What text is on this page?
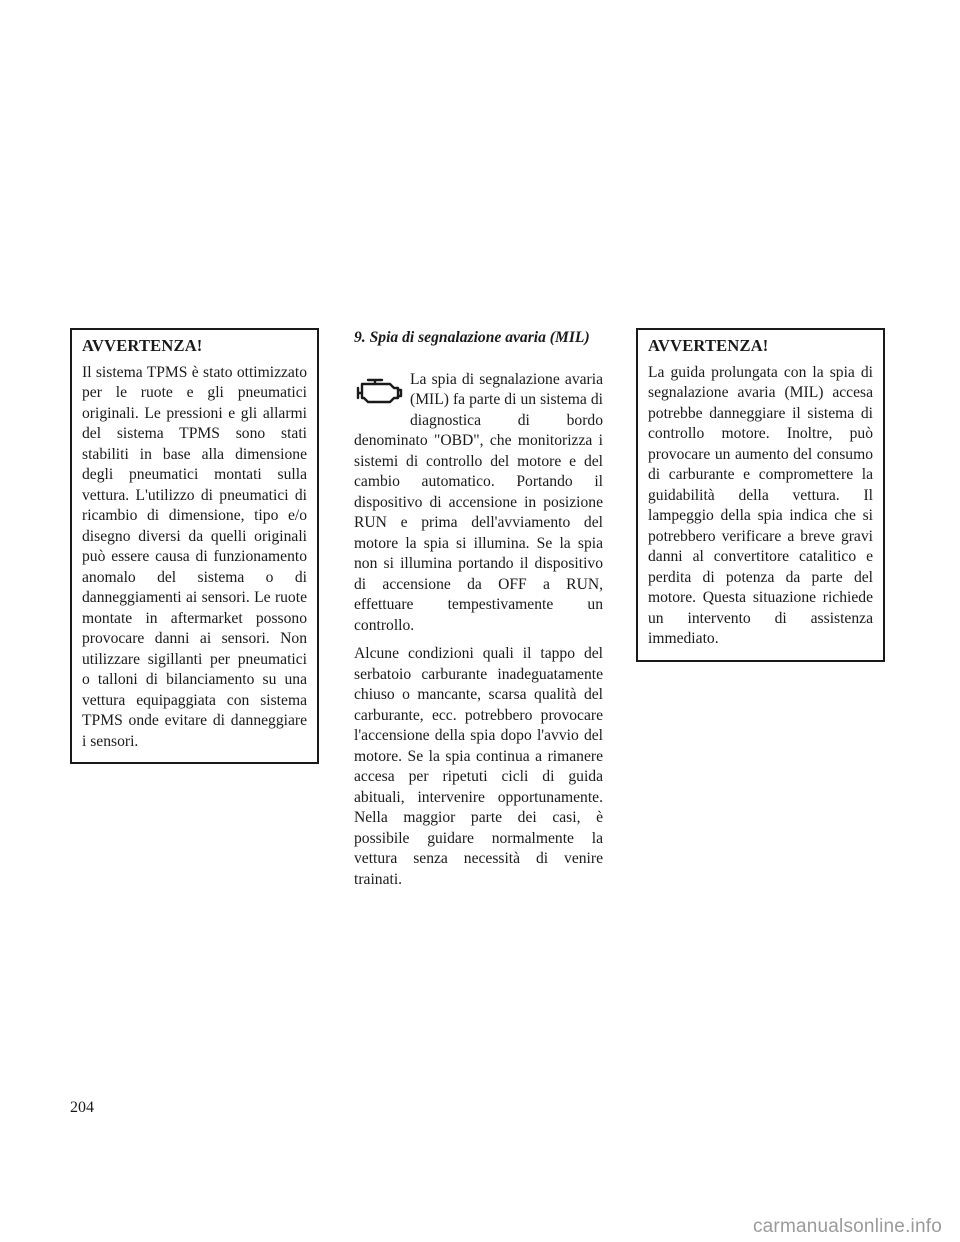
AVVERTENZA!

Il sistema TPMS è stato ottimizzato per le ruote e gli pneumatici originali. Le pressioni e gli allarmi del sistema TPMS sono stati stabiliti in base alla dimensione degli pneumatici montati sulla vettura. L'utilizzo di pneumatici di ricambio di dimensione, tipo e/o disegno diversi da quelli originali può essere causa di funzionamento anomalo del sistema o di danneggiamenti ai sensori. Le ruote montate in aftermarket possono provocare danni ai sensori. Non utilizzare sigillanti per pneumatici o talloni di bilanciamento su una vettura equipaggiata con sistema TPMS onde evitare di danneggiare i sensori.

9. Spia di segnalazione avaria (MIL)

La spia di segnalazione avaria (MIL) fa parte di un sistema di diagnostica di bordo denominato "OBD", che monitorizza i sistemi di controllo del motore e del cambio automatico. Portando il dispositivo di accensione in posizione RUN e prima dell'avviamento del motore la spia si illumina. Se la spia non si illumina portando il dispositivo di accensione da OFF a RUN, effettuare tempestivamente un controllo.

Alcune condizioni quali il tappo del serbatoio carburante inadeguatamente chiuso o mancante, scarsa qualità del carburante, ecc. potrebbero provocare l'accensione della spia dopo l'avvio del motore. Se la spia continua a rimanere accesa per ripetuti cicli di guida abituali, intervenire opportunamente. Nella maggior parte dei casi, è possibile guidare normalmente la vettura senza necessità di venire trainati.

AVVERTENZA!

La guida prolungata con la spia di segnalazione avaria (MIL) accesa potrebbe danneggiare il sistema di controllo motore. Inoltre, può provocare un aumento del consumo di carburante e compromettere la guidabilità della vettura. Il lampeggio della spia indica che si potrebbero verificare a breve gravi danni al convertitore catalitico e perdita di potenza da parte del motore. Questa situazione richiede un intervento di assistenza immediato.

204
carmanualsonline.info
